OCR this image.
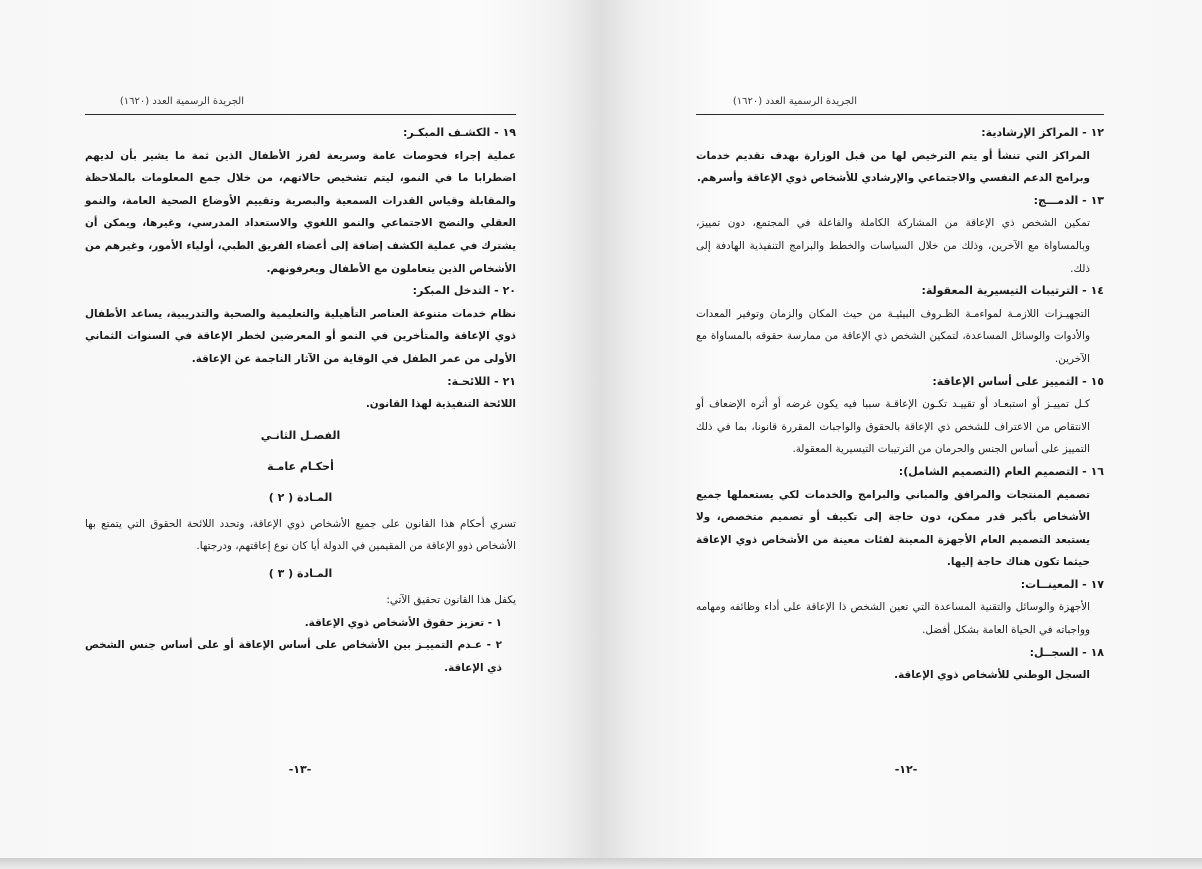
الجريدة الرسمية العدد (١٦٢٠)

١٩ - الكشـف المبكـر:

عملية إجراء فحوصات عامة وسريعة لفرز الأطفال الذين ثمة ما يشير بأن لديهم اضطرابا ما في النمو، ليتم تشخيص حالاتهم، من خلال جمع المعلومات بالملاحظة والمقابلة وقياس القدرات السمعية والبصرية وتقييم الأوضاع الصحية العامة، والنمو العقلي والنضج الاجتماعي والنمو اللغوي والاستعداد المدرسي، وغيرها، ويمكن أن يشترك في عملية الكشف إضافة إلى أعضاء الفريق الطبي، أولياء الأمور، وغيرهم من الأشخاص الذين يتعاملون مع الأطفال ويعرفونهم.

٢٠ - التدخل المبكر:

نظام خدمات متنوعة العناصر التأهيلية والتعليمية والصحية والتدريبية، يساعد الأطفال ذوي الإعاقة والمتأخرين في النمو أو المعرضين لخطر الإعاقة في السنوات الثماني الأولى من عمر الطفل في الوقاية من الآثار الناجمة عن الإعاقة.

٢١ - اللائحـة:

اللائحة التنفيذية لهذا القانون.

الفصـل الثانـي

أحكـام عامـة

المـادة ( ٢ )

تسري أحكام هذا القانون على جميع الأشخاص ذوي الإعاقة، وتحدد اللائحة الحقوق التي يتمتع بها الأشخاص ذوو الإعاقة من المقيمين في الدولة أيا كان نوع إعاقتهم، ودرجتها.

المـادة ( ٣ )

يكفل هذا القانون تحقيق الآتي:

١ - تعزيز حقوق الأشخاص ذوي الإعاقة.

٢ - عـدم التمييـز بين الأشخاص على أساس الإعاقة أو على أساس جنس الشخص ذي الإعاقة.

-١٣-
الجريدة الرسمية العدد (١٦٢٠)

١٢ - المراكز الإرشادية:

المراكز التي تنشأ أو يتم الترخيص لها من قبل الوزارة بهدف تقديم خدمات وبرامج الدعم النفسي والاجتماعي والإرشادي للأشخاص ذوي الإعاقة وأسرهم.

١٣ - الدمـــج:

تمكين الشخص ذي الإعاقة من المشاركة الكاملة والفاعلة في المجتمع، دون تمييز، وبالمساواة مع الآخرين، وذلك من خلال السياسات والخطط والبرامج التنفيذية الهادفة إلى ذلك.

١٤ - الترتيبات التيسيرية المعقولة:

التجهيـزات اللازمـة لمواءمـة الظـروف البيئيـة من حيث المكان والزمان وتوفير المعدات والأدوات والوسائل المساعدة، لتمكين الشخص ذي الإعاقة من ممارسة حقوقه بالمساواة مع الآخرين.

١٥ - التمييز على أساس الإعاقة:

كـل تمييـز أو استبعـاد أو تقييـد تكـون الإعاقـة سببا فيه يكون غرضه أو أثره الإضعاف أو الانتقاص من الاعتراف للشخص ذي الإعاقة بالحقوق والواجبات المقررة قانونا، بما في ذلك التمييز على أساس الجنس والحرمان من الترتيبات التيسيرية المعقولة.

١٦ - التصميم العام (التصميم الشامل):

تصميم المنتجات والمرافق والمباني والبرامج والخدمات لكي يستعملها جميع الأشخاص بأكبر قدر ممكن، دون حاجة إلى تكييف أو تصميم متخصص، ولا يستبعد التصميم العام الأجهزة المعينة لفئات معينة من الأشخاص ذوي الإعاقة حيثما تكون هناك حاجة إليها.

١٧ - المعينــات:

الأجهزة والوسائل والتقنية المساعدة التي تعين الشخص ذا الإعاقة على أداء وظائفه ومهامه وواجباته في الحياة العامة بشكل أفضل.

١٨ - السجــل:

السجل الوطني للأشخاص ذوي الإعاقة.

-١٢-
